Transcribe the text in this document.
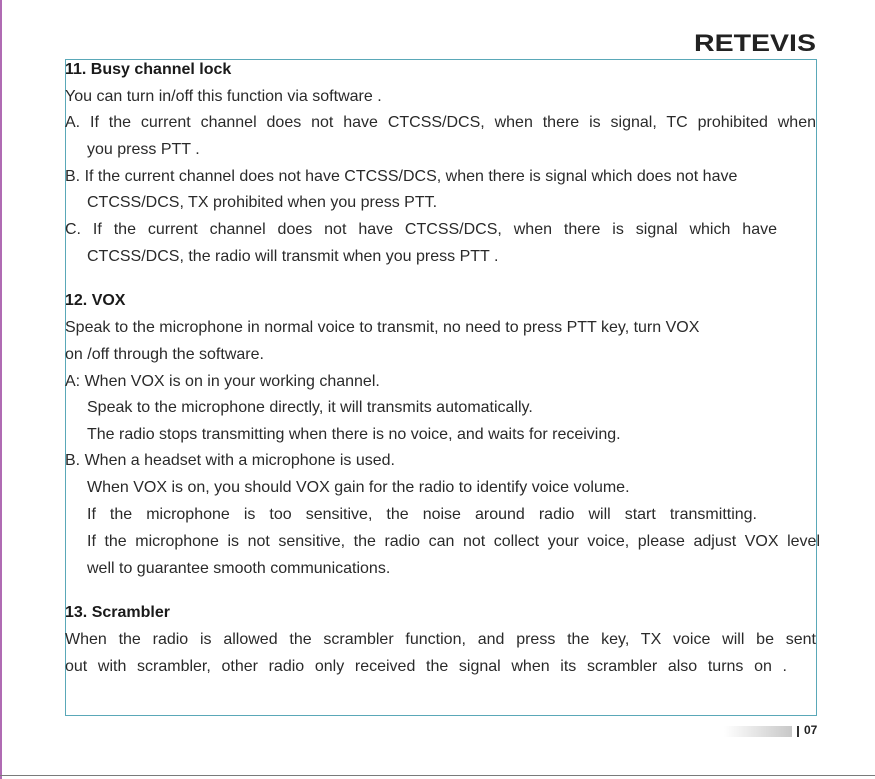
RETEVIS
11. Busy channel lock
You can turn in/off this function via software .
A. If the current channel does not have CTCSS/DCS, when there is signal, TC prohibited when
you press PTT .
B. If the current channel does not have CTCSS/DCS, when there is signal which does not have
CTCSS/DCS, TX prohibited when you press PTT.
C. If the current channel does not have CTCSS/DCS, when there is signal which have
CTCSS/DCS, the radio will transmit when you press PTT .
12. VOX
Speak to the microphone in normal voice to transmit, no need to press PTT key, turn VOX
on /off through the software.
A: When VOX is on in your working channel.
Speak to the microphone directly, it will transmits automatically.
The radio stops transmitting when there is no voice, and waits for receiving.
B. When a headset with a microphone is used.
When VOX is on, you should VOX gain for the radio to identify voice volume.
If the microphone is too sensitive, the noise around radio will start transmitting.
If the microphone is not sensitive, the radio can not collect your voice, please adjust VOX level
well to guarantee smooth communications.
13. Scrambler
When the radio is allowed the scrambler function, and press the key, TX voice will be sent
out with scrambler, other radio only received the signal when its scrambler also turns on .
07
